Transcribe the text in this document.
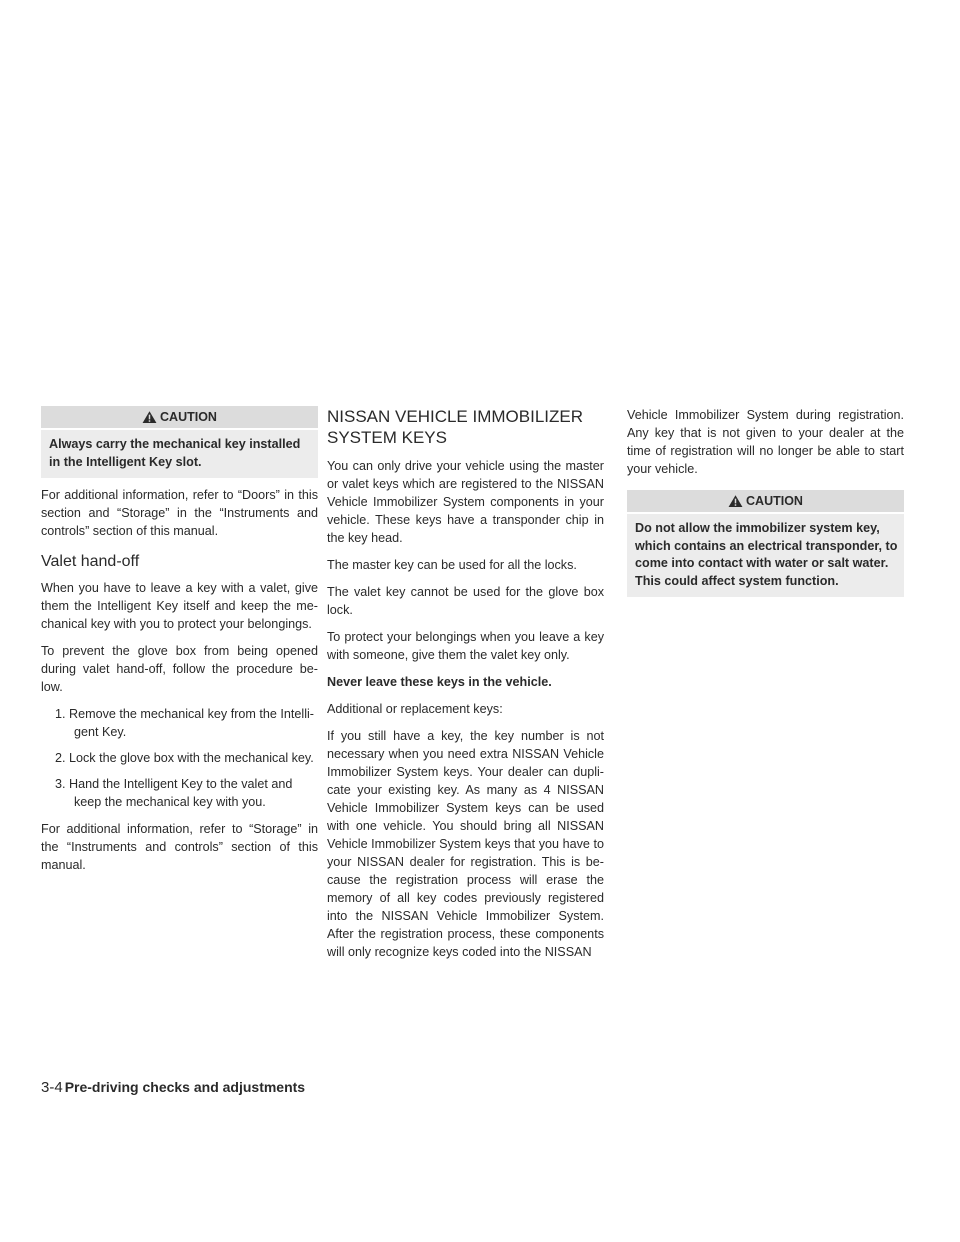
CAUTION
Always carry the mechanical key installed in the Intelligent Key slot.

For additional information, refer to “Doors” in this section and “Storage” in the “Instruments and controls” section of this manual.

Valet hand-off

When you have to leave a key with a valet, give them the Intelligent Key itself and keep the me- chanical key with you to protect your belongings.

To prevent the glove box from being opened during valet hand-off, follow the procedure be- low.

1. Remove the mechanical key from the Intelli- gent Key.
2. Lock the glove box with the mechanical key.
3. Hand the Intelligent Key to the valet and keep the mechanical key with you.

For additional information, refer to “Storage” in the “Instruments and controls” section of this manual.

NISSAN VEHICLE IMMOBILIZER SYSTEM KEYS

You can only drive your vehicle using the master or valet keys which are registered to the NISSAN Vehicle Immobilizer System components in your vehicle. These keys have a transponder chip in the key head.

The master key can be used for all the locks.

The valet key cannot be used for the glove box lock.

To protect your belongings when you leave a key with someone, give them the valet key only.

Never leave these keys in the vehicle.

Additional or replacement keys:

If you still have a key, the key number is not necessary when you need extra NISSAN Vehicle Immobilizer System keys. Your dealer can dupli- cate your existing key. As many as 4 NISSAN Vehicle Immobilizer System keys can be used with one vehicle. You should bring all NISSAN Vehicle Immobilizer System keys that you have to your NISSAN dealer for registration. This is be- cause the registration process will erase the memory of all key codes previously registered into the NISSAN Vehicle Immobilizer System. After the registration process, these components will only recognize keys coded into the NISSAN

Vehicle Immobilizer System during registration. Any key that is not given to your dealer at the time of registration will no longer be able to start your vehicle.

CAUTION
Do not allow the immobilizer system key, which contains an electrical transponder, to come into contact with water or salt water. This could affect system function.
3-4 Pre-driving checks and adjustments
